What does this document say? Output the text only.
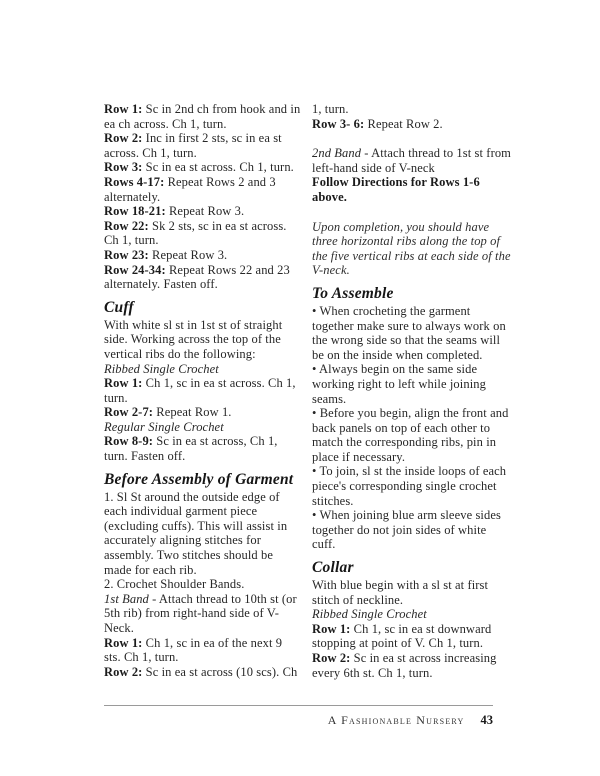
Row 1: Sc in 2nd ch from hook and in ea ch across. Ch 1, turn.

Row 2: Inc in first 2 sts, sc in ea st across. Ch 1, turn.

Row 3: Sc in ea st across. Ch 1, turn.

Rows 4-17: Repeat Rows 2 and 3 alternately.

Row 18-21: Repeat Row 3.

Row 22: Sk 2 sts, sc in ea st across. Ch 1, turn.

Row 23: Repeat Row 3.

Row 24-34: Repeat Rows 22 and 23 alternately. Fasten off.

Cuff

With white sl st in 1st st of straight side. Working across the top of the vertical ribs do the following:

Ribbed Single Crochet

Row 1: Ch 1, sc in ea st across. Ch 1, turn.

Row 2-7: Repeat Row 1.

Regular Single Crochet

Row 8-9: Sc in ea st across, Ch 1, turn. Fasten off.

Before Assembly of Garment

1. Sl St around the outside edge of each individual garment piece (excluding cuffs). This will assist in accurately aligning stitches for assembly. Two stitches should be made for each rib.

2. Crochet Shoulder Bands.

1st Band - Attach thread to 10th st (or 5th rib) from right-hand side of V-Neck.

Row 1: Ch 1, sc in ea of the next 9 sts. Ch 1, turn.

Row 2: Sc in ea st across (10 scs). Ch

1, turn.

Row 3- 6: Repeat Row 2.

2nd Band - Attach thread to 1st st from left-hand side of V-neck

Follow Directions for Rows 1-6 above.

Upon completion, you should have three horizontal ribs along the top of the five vertical ribs at each side of the V-neck.

To Assemble

• When crocheting the garment together make sure to always work on the wrong side so that the seams will be on the inside when completed.

• Always begin on the same side working right to left while joining seams.

• Before you begin, align the front and back panels on top of each other to match the corresponding ribs, pin in place if necessary.

• To join, sl st the inside loops of each piece's corresponding single crochet stitches.

• When joining blue arm sleeve sides together do not join sides of white cuff.

Collar

With blue begin with a sl st at first stitch of neckline.

Ribbed Single Crochet

Row 1: Ch 1, sc in ea st downward stopping at point of V. Ch 1, turn.

Row 2: Sc in ea st across increasing every 6th st. Ch 1, turn.

A Fashionable Nursery 43
